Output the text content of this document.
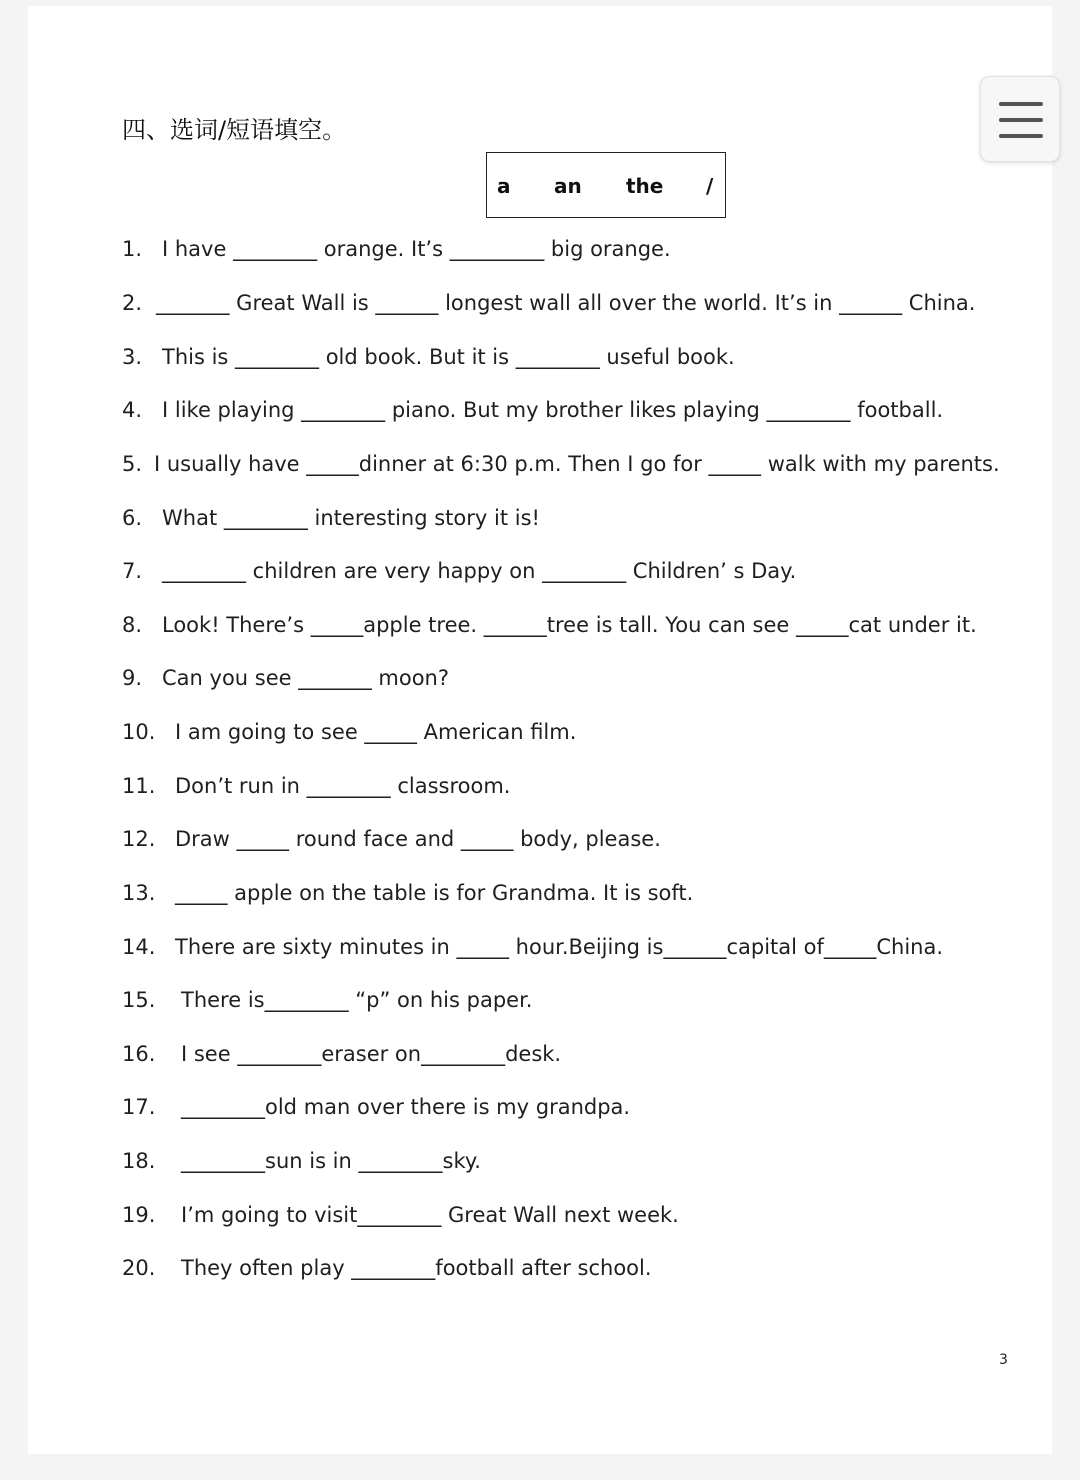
四、选词/短语填空。
a an the /
1. I have ________ orange. It’s _________ big orange.
2. _______ Great Wall is ______ longest wall all over the world. It’s in ______ China.
3. This is ________ old book. But it is ________ useful book.
4. I like playing ________ piano. But my brother likes playing ________ football.
5. I usually have _____dinner at 6:30 p.m. Then I go for _____ walk with my parents.
6. What ________ interesting story it is!
7. ________ children are very happy on ________ Children’ s Day.
8. Look! There’s _____apple tree. ______tree is tall. You can see _____cat under it.
9. Can you see _______ moon?
10. I am going to see _____ American film.
11. Don’t run in ________ classroom.
12. Draw _____ round face and _____ body, please.
13. _____ apple on the table is for Grandma. It is soft.
14. There are sixty minutes in _____ hour.Beijing is______capital of_____China.
15. There is________ “p” on his paper.
16. I see ________eraser on________desk.
17. ________old man over there is my grandpa.
18. ________sun is in ________sky.
19. I’m going to visit________ Great Wall next week.
20. They often play ________football after school.
3
